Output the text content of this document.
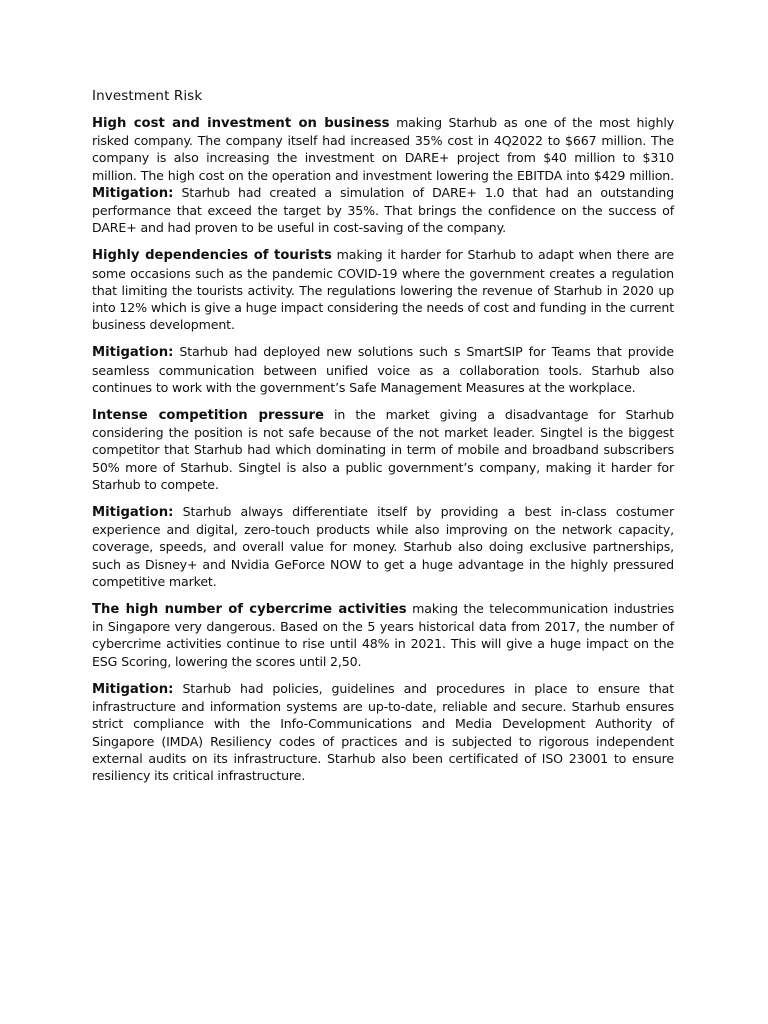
Investment Risk

High cost and investment on business making Starhub as one of the most highly risked company. The company itself had increased 35% cost in 4Q2022 to $667 million. The company is also increasing the investment on DARE+ project from $40 million to $310 million. The high cost on the operation and investment lowering the EBITDA into $429 million. Mitigation: Starhub had created a simulation of DARE+ 1.0 that had an outstanding performance that exceed the target by 35%. That brings the confidence on the success of DARE+ and had proven to be useful in cost-saving of the company.

Highly dependencies of tourists making it harder for Starhub to adapt when there are some occasions such as the pandemic COVID-19 where the government creates a regulation that limiting the tourists activity. The regulations lowering the revenue of Starhub in 2020 up into 12% which is give a huge impact considering the needs of cost and funding in the current business development.

Mitigation: Starhub had deployed new solutions such s SmartSIP for Teams that provide seamless communication between unified voice as a collaboration tools. Starhub also continues to work with the government’s Safe Management Measures at the workplace.

Intense competition pressure in the market giving a disadvantage for Starhub considering the position is not safe because of the not market leader. Singtel is the biggest competitor that Starhub had which dominating in term of mobile and broadband subscribers 50% more of Starhub. Singtel is also a public government’s company, making it harder for Starhub to compete.

Mitigation: Starhub always differentiate itself by providing a best in-class costumer experience and digital, zero-touch products while also improving on the network capacity, coverage, speeds, and overall value for money. Starhub also doing exclusive partnerships, such as Disney+ and Nvidia GeForce NOW to get a huge advantage in the highly pressured competitive market.

The high number of cybercrime activities making the telecommunication industries in Singapore very dangerous. Based on the 5 years historical data from 2017, the number of cybercrime activities continue to rise until 48% in 2021. This will give a huge impact on the ESG Scoring, lowering the scores until 2,50.

Mitigation: Starhub had policies, guidelines and procedures in place to ensure that infrastructure and information systems are up-to-date, reliable and secure. Starhub ensures strict compliance with the Info-Communications and Media Development Authority of Singapore (IMDA) Resiliency codes of practices and is subjected to rigorous independent external audits on its infrastructure. Starhub also been certificated of ISO 23001 to ensure resiliency its critical infrastructure.
